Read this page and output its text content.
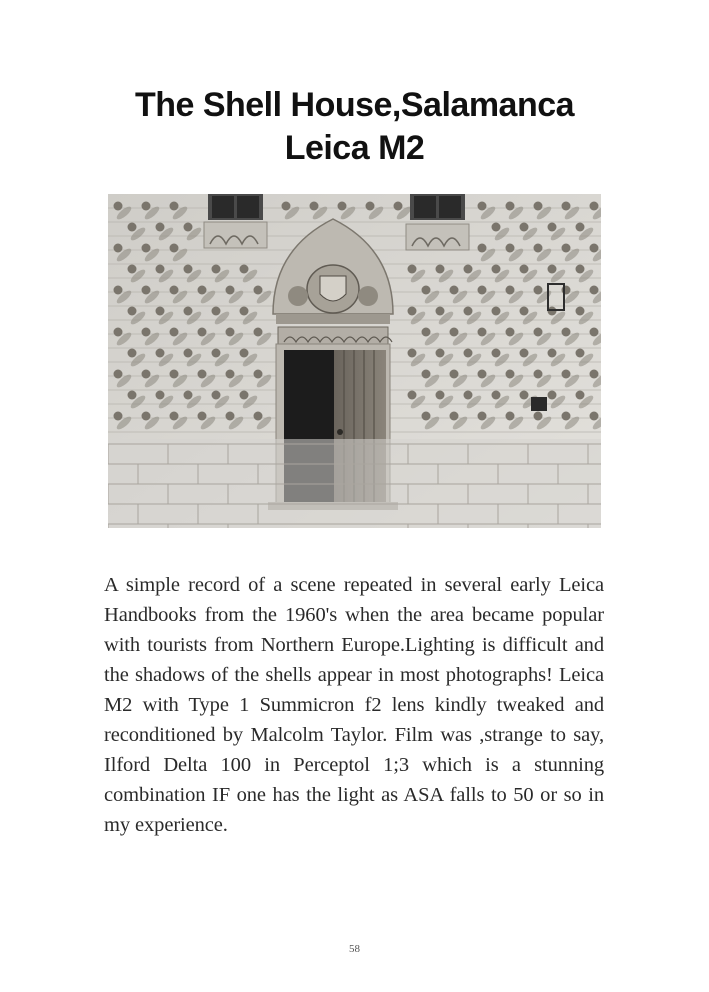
The Shell House,Salamanca
Leica M2
A simple record of a scene repeated in several early Leica Handbooks from the 1960's when the area became popular with tourists from Northern Europe.Lighting is difficult and the shadows of the shells appear in most photographs! Leica M2 with Type 1 Summicron f2 lens kindly tweaked and reconditioned by Malcolm Taylor. Film was ,strange to say, Ilford Delta 100 in Perceptol 1;3 which is a stunning combination IF one has the light as ASA falls to 50 or so in my experience.
58
